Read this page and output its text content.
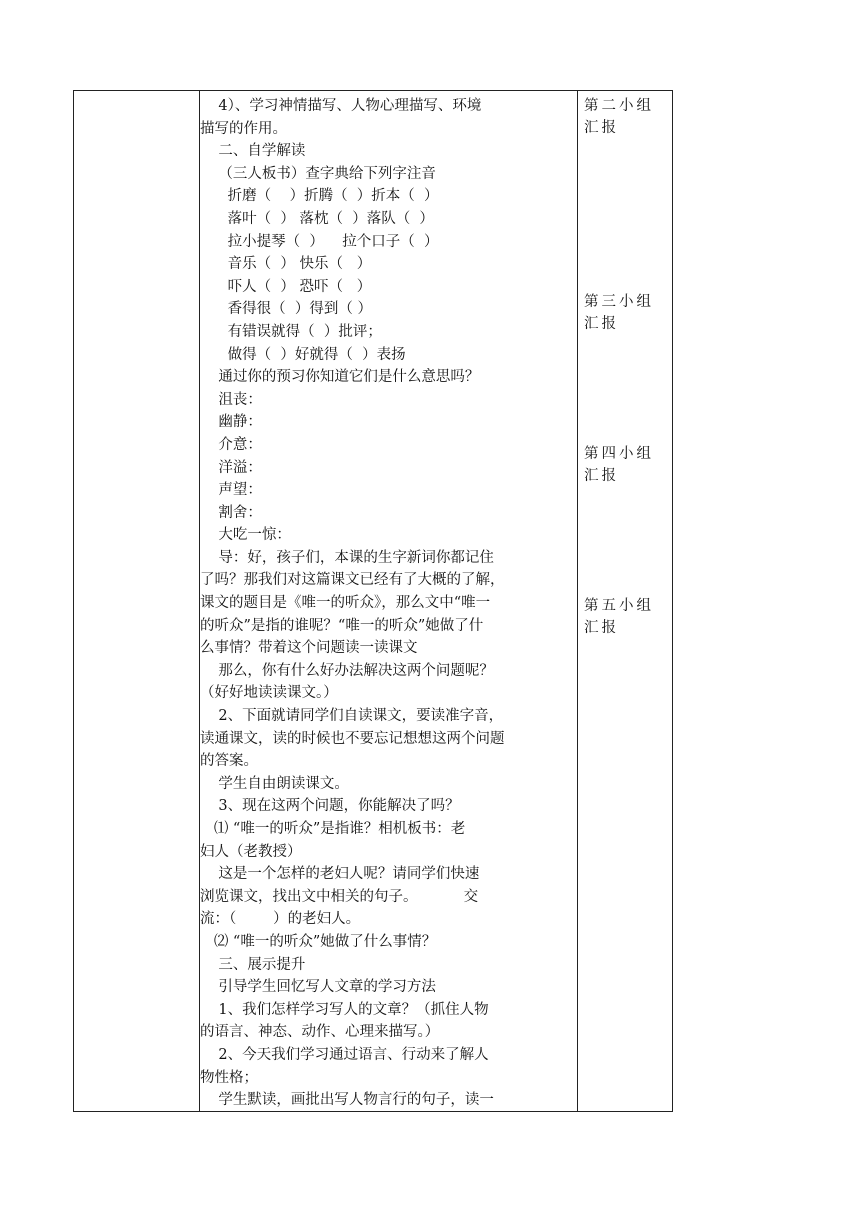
4）、学习神情描写、人物心理描写、环境
描写的作用。
二、自学解读
（三人板书）查字典给下列字注音
折磨（    ）折腾（  ）折本（  ）
落叶（  ） 落枕（  ）落队（  ）
拉小提琴（  ）    拉个口子（  ）
音乐（  ） 快乐（   ）
吓人（  ） 恐吓（   ）
香得很（  ）得到（ ）
有错误就得（  ）批评；
做得（  ）好就得（  ）表扬
通过你的预习你知道它们是什么意思吗？
沮丧：
幽静：
介意：
洋溢：
声望：
割舍：
大吃一惊：
导：好，孩子们，本课的生字新词你都记住
了吗？那我们对这篇课文已经有了大概的了解，
课文的题目是《唯一的听众》，那么文中“唯一
的听众”是指的谁呢？“唯一的听众”她做了什
么事情？带着这个问题读一读课文
那么，你有什么好办法解决这两个问题呢？
（好好地读读课文。）
2、下面就请同学们自读课文，要读准字音，
读通课文，读的时候也不要忘记想想这两个问题
的答案。
学生自由朗读课文。
3、现在这两个问题，你能解决了吗？
⑴ “唯一的听众”是指谁？相机板书：老
妇人（老教授）
这是一个怎样的老妇人呢？请同学们快速
浏览课文，找出文中相关的句子。          交
流：（        ）的老妇人。
⑵ “唯一的听众”她做了什么事情？
三、展示提升
引导学生回忆写人文章的学习方法
1、我们怎样学习写人的文章？（抓住人物
的语言、神态、动作、心理来描写。）
2、今天我们学习通过语言、行动来了解人
物性格；
学生默读，画批出写人物言行的句子，读一
第二小组
汇报
第三小组
汇报
第四小组
汇报
第五小组
汇报
